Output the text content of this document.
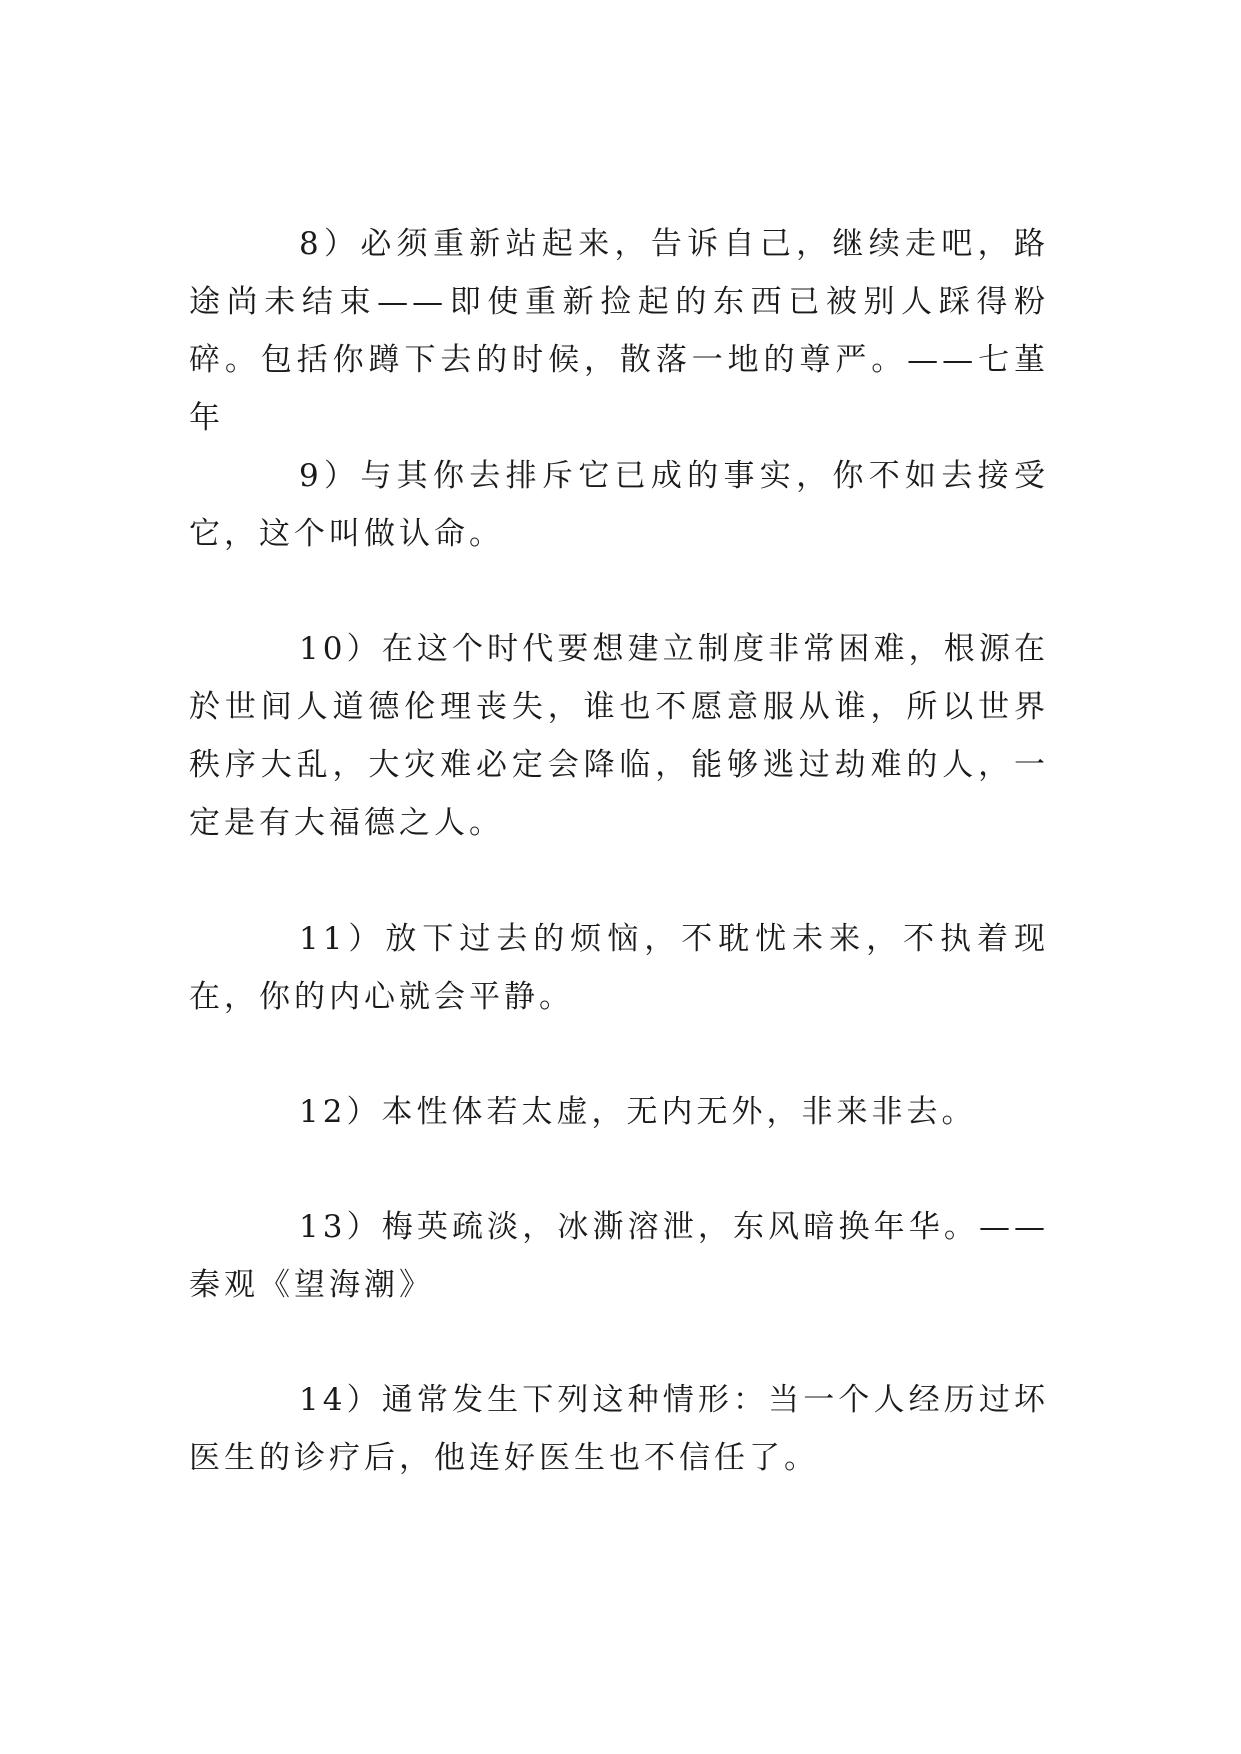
8）必须重新站起来，告诉自己，继续走吧，路途尚未结束——即使重新捡起的东西已被别人踩得粉碎。包括你蹲下去的时候，散落一地的尊严。——七堇年

9）与其你去排斥它已成的事实，你不如去接受它，这个叫做认命。

10）在这个时代要想建立制度非常困难，根源在於世间人道德伦理丧失，谁也不愿意服从谁，所以世界秩序大乱，大灾难必定会降临，能够逃过劫难的人，一定是有大福德之人。

11）放下过去的烦恼，不耽忧未来，不执着现在，你的内心就会平静。

12）本性体若太虚，无内无外，非来非去。

13）梅英疏淡，冰澌溶泄，东风暗换年华。——秦观《望海潮》

14）通常发生下列这种情形：当一个人经历过坏医生的诊疗后，他连好医生也不信任了。
